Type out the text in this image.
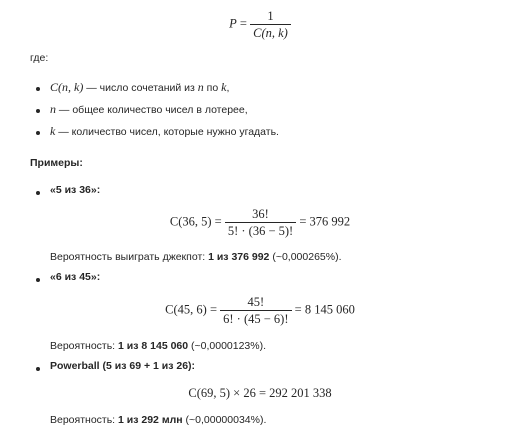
$P = \frac{1}{C(n, k)}$
где:
C(n, k) — число сочетаний из n по k,
n — общее количество чисел в лотерее,
k — количество чисел, которые нужно угадать.
Примеры:
«5 из 36»:
C(36, $5) = \frac{36!}{5! \cdot (36 - 5)!} = 376$ 992
Вероятность выиграть джекпот: 1 из 376 992 (~0,000265%).
«6 из 45»:
C(45, $6) = \frac{45!}{6! \cdot (45 - 6)!} = 8$ 145 060
Вероятность: 1 из 8 145 060 (~0,0000123%).
Powerball (5 из 69 + 1 из 26):
C(69, 5) × 26 = 292 201 338
Вероятность: 1 из 292 млн (~0,00000034%).
